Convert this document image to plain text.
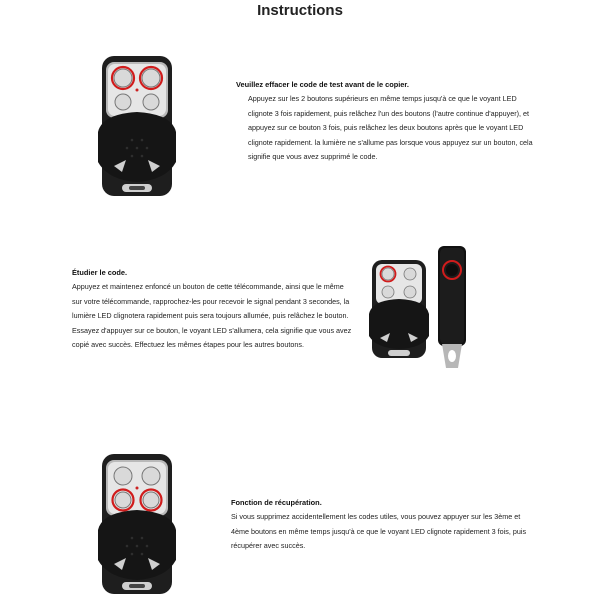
Instructions
Veuillez effacer le code de test avant de le copier.

Appuyez sur les 2 boutons supérieurs en même temps jusqu'à ce que le voyant LED clignote 3 fois rapidement, puis relâchez l'un des boutons (l'autre continue d'appuyer), et appuyez sur ce bouton 3 fois, puis relâchez les deux boutons après que le voyant LED clignote rapidement. la lumière ne s'allume pas lorsque vous appuyez sur un bouton, cela signifie que vous avez supprimé le code.

Étudier le code.

Appuyez et maintenez enfoncé un bouton de cette télécommande, ainsi que le même sur votre télécommande, rapprochez-les pour recevoir le signal pendant 3 secondes, la lumière LED clignotera rapidement puis sera toujours allumée, puis relâchez le bouton. Essayez d'appuyer sur ce bouton, le voyant LED s'allumera, cela signifie que vous avez copié avec succès. Effectuez les mêmes étapes pour les autres boutons.

Fonction de récupération.

Si vous supprimez accidentellement les codes utiles, vous pouvez appuyer sur les 3ème et 4ème boutons en même temps jusqu'à ce que le voyant LED clignote rapidement 3 fois, puis récupérer avec succès.
